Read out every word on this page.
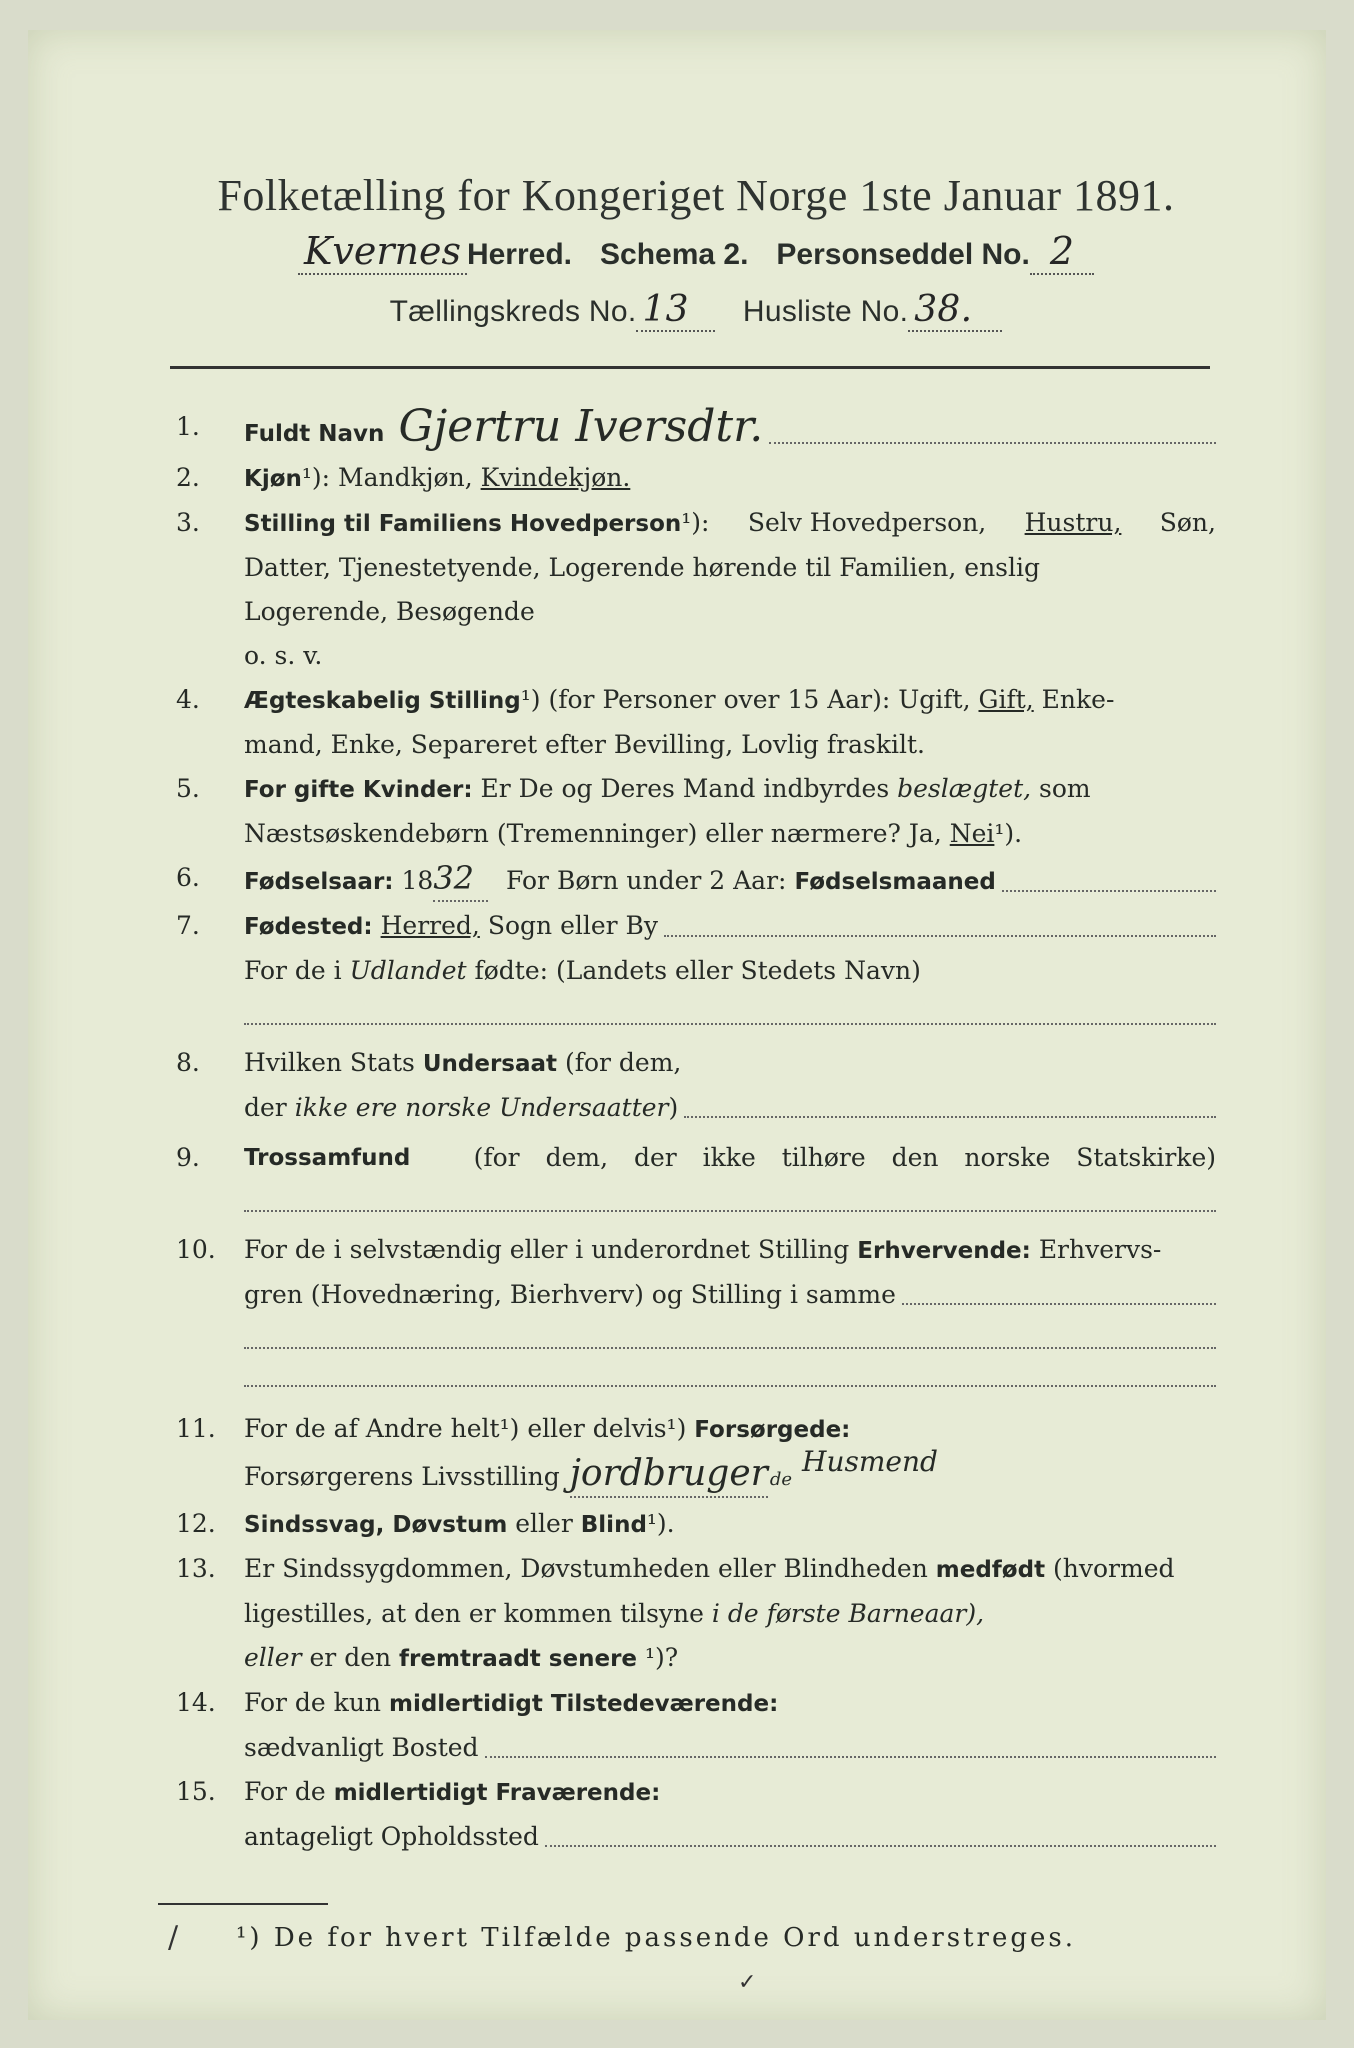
Folketælling for Kongeriget Norge 1ste Januar 1891.
Kvernes Herred. Schema 2. Personseddel No. 2
Tællingskreds No. 13	Husliste No. 38.
1.	Fuldt Navn Gjertru Iversdtr.
2.	Kjøn¹): Mandkjøn, Kvindekjøn.
3.	Stilling til Familiens Hovedperson¹): Selv Hovedperson, Hustru, Søn,
Datter, Tjenestetyende, Logerende hørende til Familien, enslig
Logerende, Besøgende
o. s. v.
4.	Ægteskabelig Stilling¹) (for Personer over 15 Aar): Ugift, Gift, Enke-
mand, Enke, Separeret efter Bevilling, Lovlig fraskilt.
5.	For gifte Kvinder: Er De og Deres Mand indbyrdes beslægtet, som
Næstsøskendebørn (Tremenninger) eller nærmere? Ja, Nei¹).
6.	Fødselsaar: 18 32	For Børn under 2 Aar: Fødselsmaaned
7.	Fødested: Herred, Sogn eller By
For de i Udlandet fødte: (Landets eller Stedets Navn)
8.	Hvilken Stats Undersaat (for dem,
der ikke ere norske Undersaatter )
9.	Trossamfund	(for dem, der ikke tilhøre den norske Statskirke)
10.	For de i selvstændig eller i underordnet Stilling Erhvervende: Erhvervs-
gren (Hovednæring, Bierhverv) og Stilling i samme
11.	For de af Andre helt¹) eller delvis¹) Forsørgede:
Forsørgerens Livsstilling jordbruger de
Husmend
12.	Sindssvag, Døvstum eller Blind¹).
13.	Er Sindssygdommen, Døvstumheden eller Blindheden medfødt (hvormed
ligestilles, at den er kommen tilsyne i de første Barneaar),
eller er den fremtraadt senere ¹)?
14.	For de kun midlertidigt Tilstedeværende:
sædvanligt Bosted
15.	For de midlertidigt Fraværende:
antageligt Opholdssted
¹) De for hvert Tilfælde passende Ord understreges.
/
✓
